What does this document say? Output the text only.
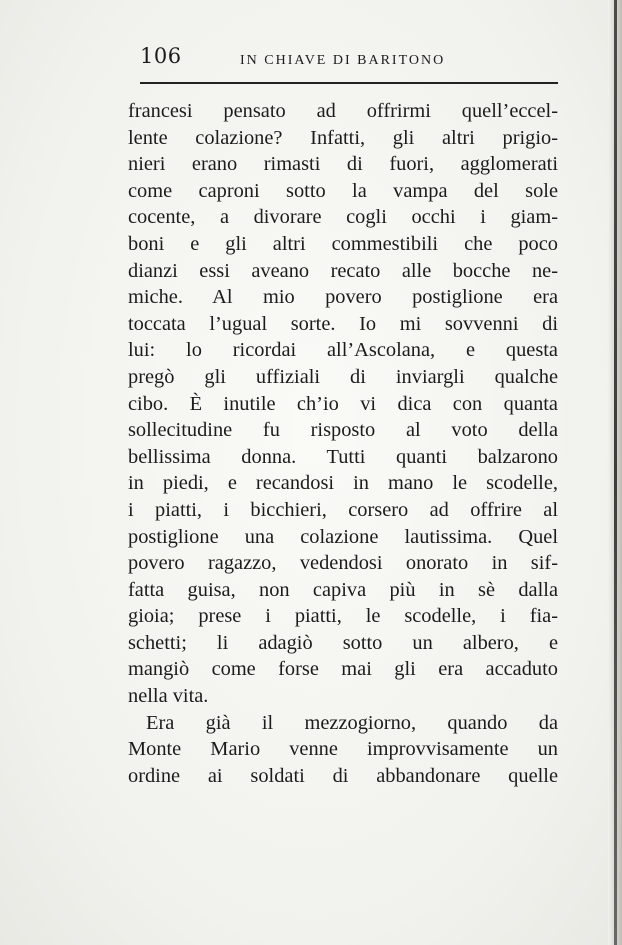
106	IN CHIAVE DI BARITONO
francesi pensato ad offrirmi quell’eccel-
lente colazione? Infatti, gli altri prigio-
nieri erano rimasti di fuori, agglomerati
come caproni sotto la vampa del sole
cocente, a divorare cogli occhi i giam-
boni e gli altri commestibili che poco
dianzi essi aveano recato alle bocche ne-
miche. Al mio povero postiglione era
toccata l’ugual sorte. Io mi sovvenni di
lui: lo ricordai all’Ascolana, e questa
pregò gli uffiziali di inviargli qualche
cibo. È inutile ch’io vi dica con quanta
sollecitudine fu risposto al voto della
bellissima donna. Tutti quanti balzarono
in piedi, e recandosi in mano le scodelle,
i piatti, i bicchieri, corsero ad offrire al
postiglione una colazione lautissima. Quel
povero ragazzo, vedendosi onorato in sif-
fatta guisa, non capiva più in sè dalla
gioia; prese i piatti, le scodelle, i fia-
schetti; li adagiò sotto un albero, e
mangiò come forse mai gli era accaduto
nella vita.
Era già il mezzogiorno, quando da
Monte Mario venne improvvisamente un
ordine ai soldati di abbandonare quelle
